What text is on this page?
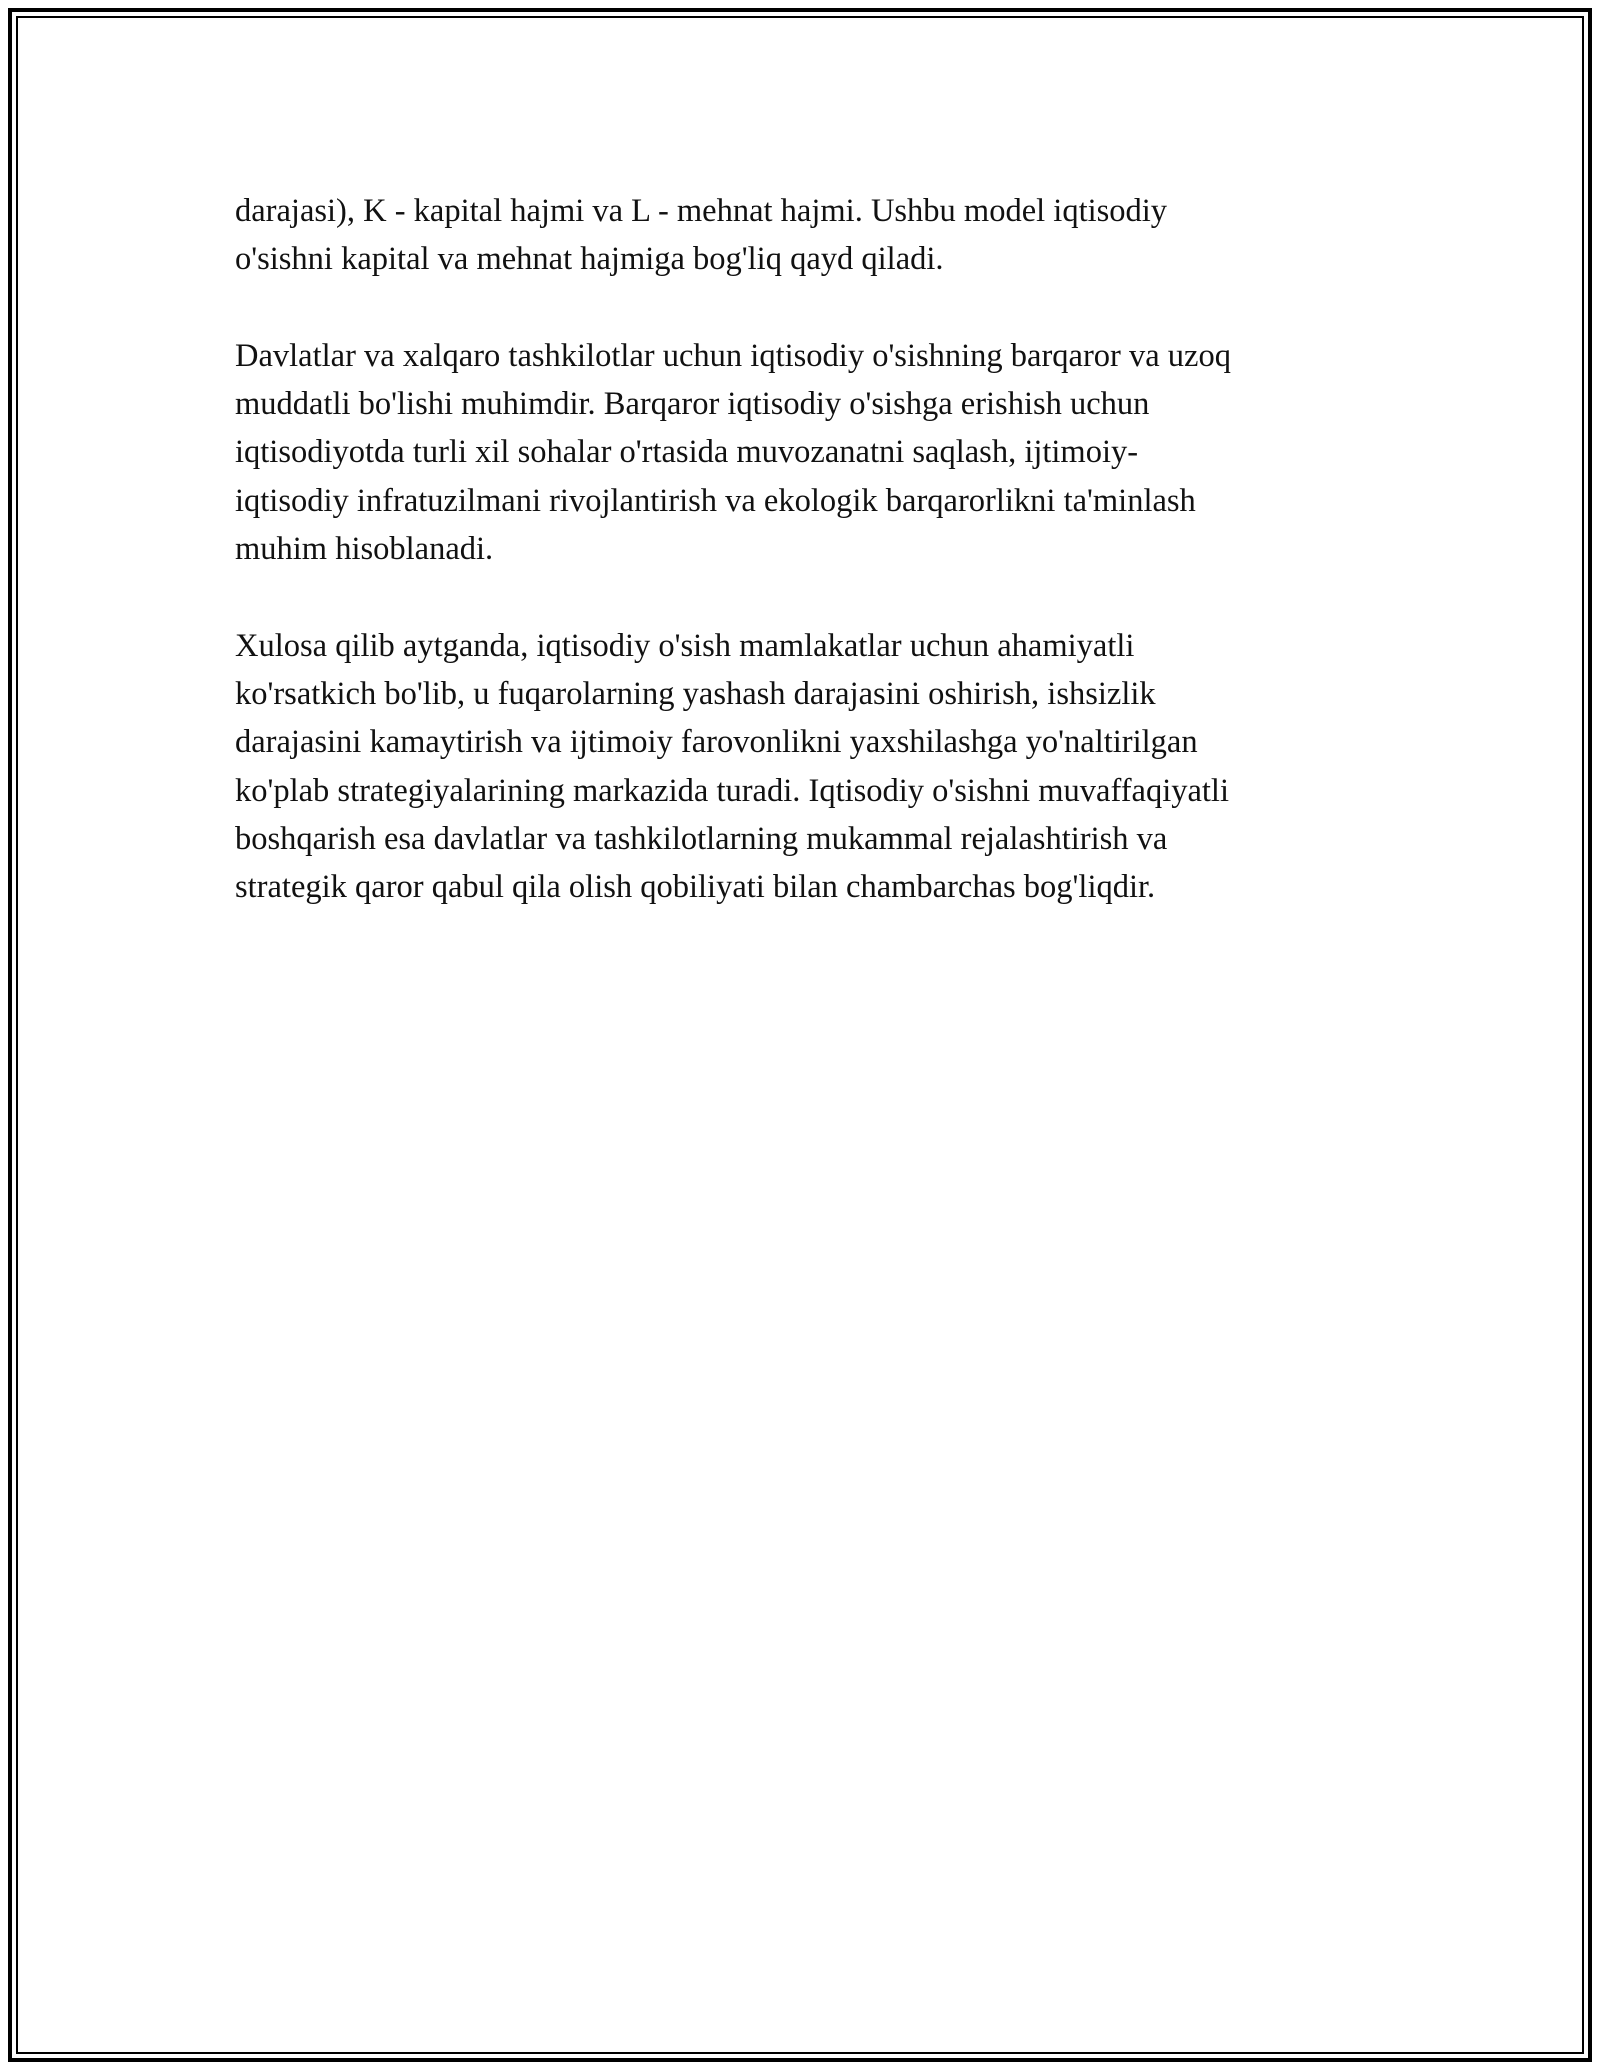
darajasi), K - kapital hajmi va L - mehnat hajmi. Ushbu model iqtisodiy
o'sishni kapital va mehnat hajmiga bog'liq qayd qiladi.

Davlatlar va xalqaro tashkilotlar uchun iqtisodiy o'sishning barqaror va uzoq
muddatli bo'lishi muhimdir. Barqaror iqtisodiy o'sishga erishish uchun
iqtisodiyotda turli xil sohalar o'rtasida muvozanatni saqlash, ijtimoiy-
iqtisodiy infratuzilmani rivojlantirish va ekologik barqarorlikni ta'minlash
muhim hisoblanadi.

Xulosa qilib aytganda, iqtisodiy o'sish mamlakatlar uchun ahamiyatli
ko'rsatkich bo'lib, u fuqarolarning yashash darajasini oshirish, ishsizlik
darajasini kamaytirish va ijtimoiy farovonlikni yaxshilashga yo'naltirilgan
ko'plab strategiyalarining markazida turadi. Iqtisodiy o'sishni muvaffaqiyatli
boshqarish esa davlatlar va tashkilotlarning mukammal rejalashtirish va
strategik qaror qabul qila olish qobiliyati bilan chambarchas bog'liqdir.
